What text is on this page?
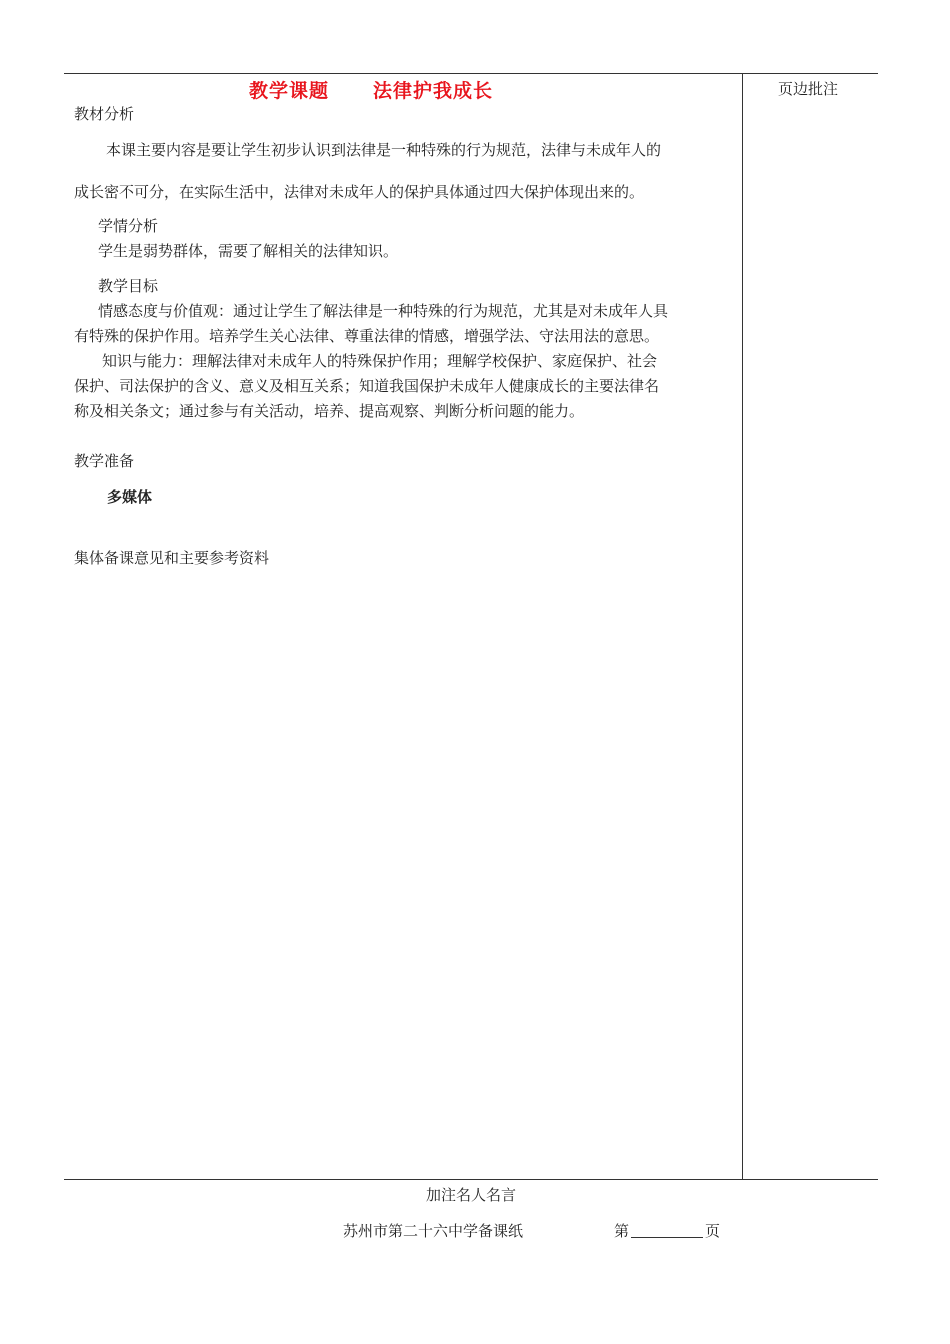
教学课题 法律护我成长	页边批注
教材分析
本课主要内容是要让学生初步认识到法律是一种特殊的行为规范，法律与未成年人的
成长密不可分，在实际生活中，法律对未成年人的保护具体通过四大保护体现出来的。
学情分析
学生是弱势群体，需要了解相关的法律知识。
教学目标
情感态度与价值观：通过让学生了解法律是一种特殊的行为规范，尤其是对未成年人具
有特殊的保护作用。培养学生关心法律、尊重法律的情感，增强学法、守法用法的意思。
知识与能力：理解法律对未成年人的特殊保护作用；理解学校保护、家庭保护、社会
保护、司法保护的含义、意义及相互关系；知道我国保护未成年人健康成长的主要法律名
称及相关条文；通过参与有关活动，培养、提高观察、判断分析问题的能力。
教学准备
多媒体
集体备课意见和主要参考资料
加注名人名言
苏州市第二十六中学备课纸	第	页
